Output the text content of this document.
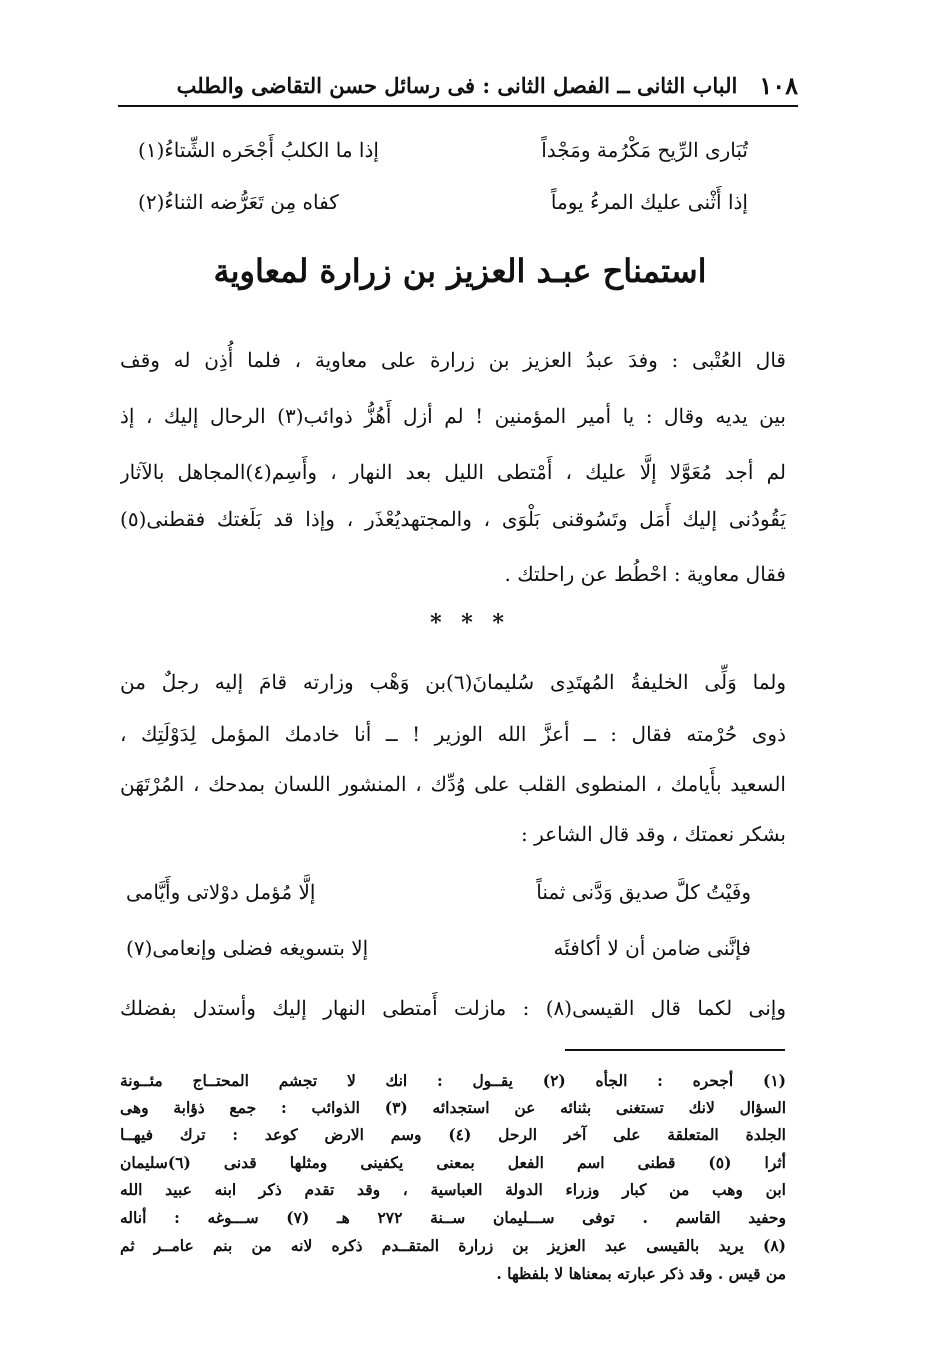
١٠٨
الباب الثانى ــ الفصل الثانى : فى رسائل حسن التقاضى والطلب
تُبَارى الرِّيح مَكْرُمة ومَجْداً
إذا ما الكلبُ أَجْحَره الشِّتاءُ(١)
إذا أَثْنى عليك المرءُ يوماً
كفاه مِن تَعَرُّضه الثناءُ(٢)
استمناح عبـد العزيز بن زرارة لمعاوية
قال العُتْبى : وفدَ عبدُ العزيز بن زرارة على معاوية ، فلما أُذِن له وقف
بين يديه وقال : يا أمير المؤمنين ! لم أزل أَهُزُّ ذوائب(٣) الرحال إليك ، إذ
لم أجد مُعَوَّلا إلَّا عليك ، أَمْتطى الليل بعد النهار ، وأَسِم(٤)المجاهل بالآثار
يَقُودُنى إليك أَمَل وتَسُوقنى بَلْوَى ، والمجتهديُعْذَر ، وإذا قد بَلَغتك فقطنى(٥)
فقال معاوية : احْطُط عن راحلتك .
* * *
ولما وَلِّى الخليفةُ المُهتَدِى سُليمانَ(٦)بن وَهْب وزارته قامَ إليه رجلٌ من
ذوى حُرْمته فقال : ــ أعزَّ الله الوزير ! ــ أنا خادمك المؤمل لِدَوْلَتِك ،
السعيد بأَيامك ، المنطوى القلب على وُدِّك ، المنشور اللسان بمدحك ، المُرْتَهَن
بشكر نعمتك ، وقد قال الشاعر :
وفَيْتُ كلَّ صديق وَدَّنى ثمناً
إلَّا مُؤمل دوْلاتى وأَيَّامى
فإنَّنى ضامن أن لا أكافئَه
إلا بتسويغه فضلى وإنعامى(٧)
وإنى لكما قال القيسى(٨) : مازلت أَمتطى النهار إليك وأستدل بفضلك
(١) أجحره : الجأه (٢) يقــول : انك لا تجشم المحتــاج مئــونة
السؤال لانك تستغنى بثنائه عن استجدائه (٣) الذوائب : جمع ذؤابة وهى
الجلدة المتعلقة على آخر الرحل (٤) وسم الارض كوعد : ترك فيهــا
أثرا (٥) قطنى اسم الفعل بمعنى يكفينى ومثلها قدنى (٦)سليمان
ابن وهب من كبار وزراء الدولة العباسية ، وقد تقدم ذكر ابنه عبيد الله
وحفيد القاسم . توفى ســـليمان ســنة ٢٧٢ هـ (٧) ســـوغه : أناله
(٨) يريد بالقيسى عبد العزيز بن زرارة المتقــدم ذكره لانه من بنم عامــر ثم
من قيس . وقد ذكر عبارته بمعناها لا بلفظها .
